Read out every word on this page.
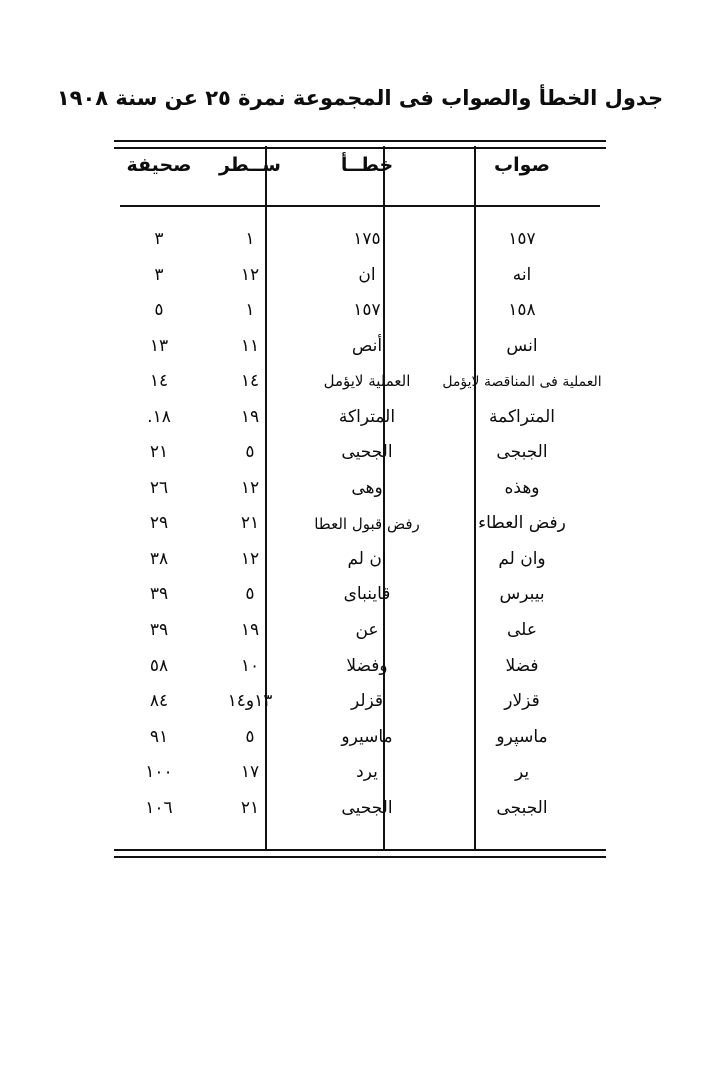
جدول الخطأ والصواب فى المجموعة نمرة ٢٥ عن سنة ١٩٠٨
صواب	خطــأ	ســطر	صحيفة

١٥٧	١٧٥	١	٣
انه	ان	١٢	٣
١٥٨	١٥٧	١	٥
انس	أنص	١١	١٣
العملية فى المناقصة لايؤمل	العملية لايؤمل	١٤	١٤
المتراكمة	المتراكة	١٩	١٨.
الجبجى	الجحيى	٥	٢١
وهذه	وهى	١٢	٢٦
رفض العطاء	رفض قبول العطا	٢١	٢٩
وان لم	ان لم	١٢	٣٨
بيبرس	قاينباى	٥	٣٩
على	عن	١٩	٣٩
فضلا	وفضلا	١٠	٥٨
قزلار	قزلر	١٣و١٤	٨٤
ماسپرو	ماسيرو	٥	٩١
ير	يرد	١٧	١٠٠
الجبجى	الجحيى	٢١	١٠٦
